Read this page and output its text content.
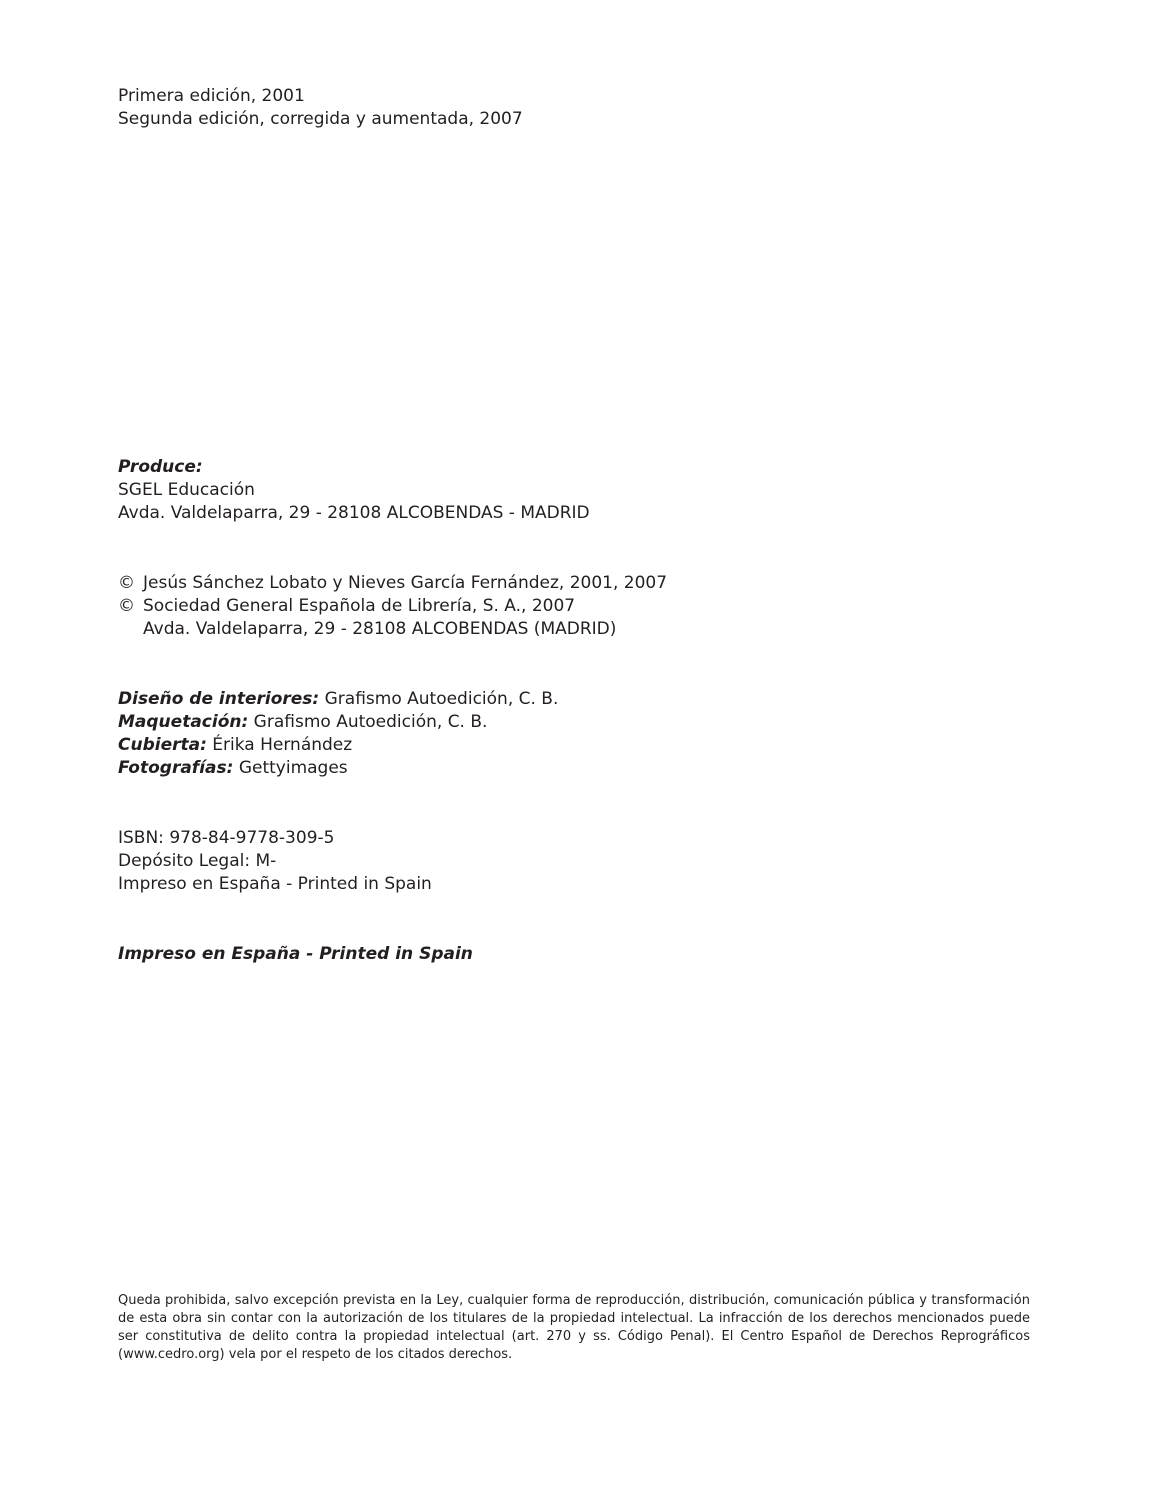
Primera edición, 2001
Segunda edición, corregida y aumentada, 2007
Produce:
SGEL Educación
Avda. Valdelaparra, 29 - 28108 ALCOBENDAS - MADRID
© Jesús Sánchez Lobato y Nieves García Fernández, 2001, 2007
© Sociedad General Española de Librería, S. A., 2007
Avda. Valdelaparra, 29 - 28108 ALCOBENDAS (MADRID)
Diseño de interiores: Grafismo Autoedición, C. B.
Maquetación: Grafismo Autoedición, C. B.
Cubierta: Érika Hernández
Fotografías: Gettyimages
ISBN: 978-84-9778-309-5
Depósito Legal: M-
Impreso en España - Printed in Spain
Impreso en España - Printed in Spain
Queda prohibida, salvo excepción prevista en la Ley, cualquier forma de reproducción, distribución, comunicación pública y transformación de esta obra sin contar con la autorización de los titulares de la propiedad intelectual. La infracción de los derechos mencionados puede ser constitutiva de delito contra la propiedad intelectual (art. 270 y ss. Código Penal). El Centro Español de Derechos Reprográficos (www.cedro.org) vela por el respeto de los citados derechos.
